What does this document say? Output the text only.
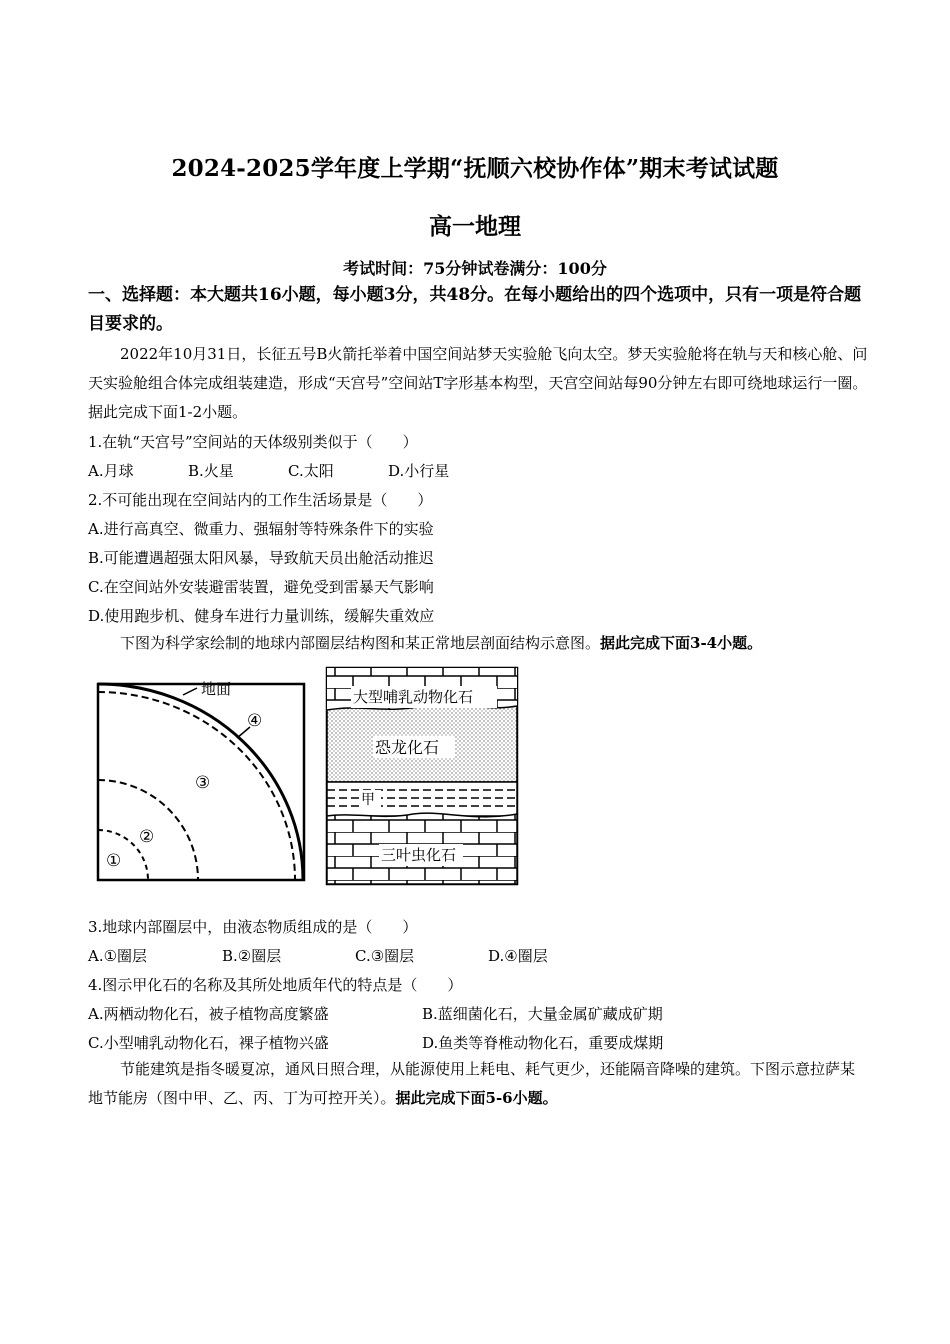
2024-2025学年度上学期“抚顺六校协作体”期末考试试题
高一地理
考试时间：75分钟试卷满分：100分
一、选择题：本大题共16小题，每小题3分，共48分。在每小题给出的四个选项中，只有一项是符合题目要求的。
2022年10月31日，长征五号B火箭托举着中国空间站梦天实验舱飞向太空。梦天实验舱将在轨与天和核心舱、问天实验舱组合体完成组装建造，形成“天宫号”空间站T字形基本构型，天宫空间站每90分钟左右即可绕地球运行一圈。据此完成下面1-2小题。
1.在轨“天宫号”空间站的天体级别类似于（　　）
A.月球	B.火星	C.太阳	D.小行星
2.不可能出现在空间站内的工作生活场景是（　　）
A.进行高真空、微重力、强辐射等特殊条件下的实验
B.可能遭遇超强太阳风暴，导致航天员出舱活动推迟
C.在空间站外安装避雷装置，避免受到雷暴天气影响
D.使用跑步机、健身车进行力量训练，缓解失重效应
下图为科学家绘制的地球内部圈层结构图和某正常地层剖面结构示意图。据此完成下面3-4小题。
地面
④
③
②
①
大型哺乳动物化石
恐龙化石
甲
三叶虫化石
3.地球内部圈层中，由液态物质组成的是（　　）
A.①圈层	B.②圈层	C.③圈层	D.④圈层
4.图示甲化石的名称及其所处地质年代的特点是（　　）
A.两栖动物化石，被子植物高度繁盛	B.蓝细菌化石，大量金属矿藏成矿期
C.小型哺乳动物化石，裸子植物兴盛	D.鱼类等脊椎动物化石，重要成煤期
节能建筑是指冬暖夏凉，通风日照合理，从能源使用上耗电、耗气更少，还能隔音降噪的建筑。下图示意拉萨某地节能房（图中甲、乙、丙、丁为可控开关）。据此完成下面5-6小题。
